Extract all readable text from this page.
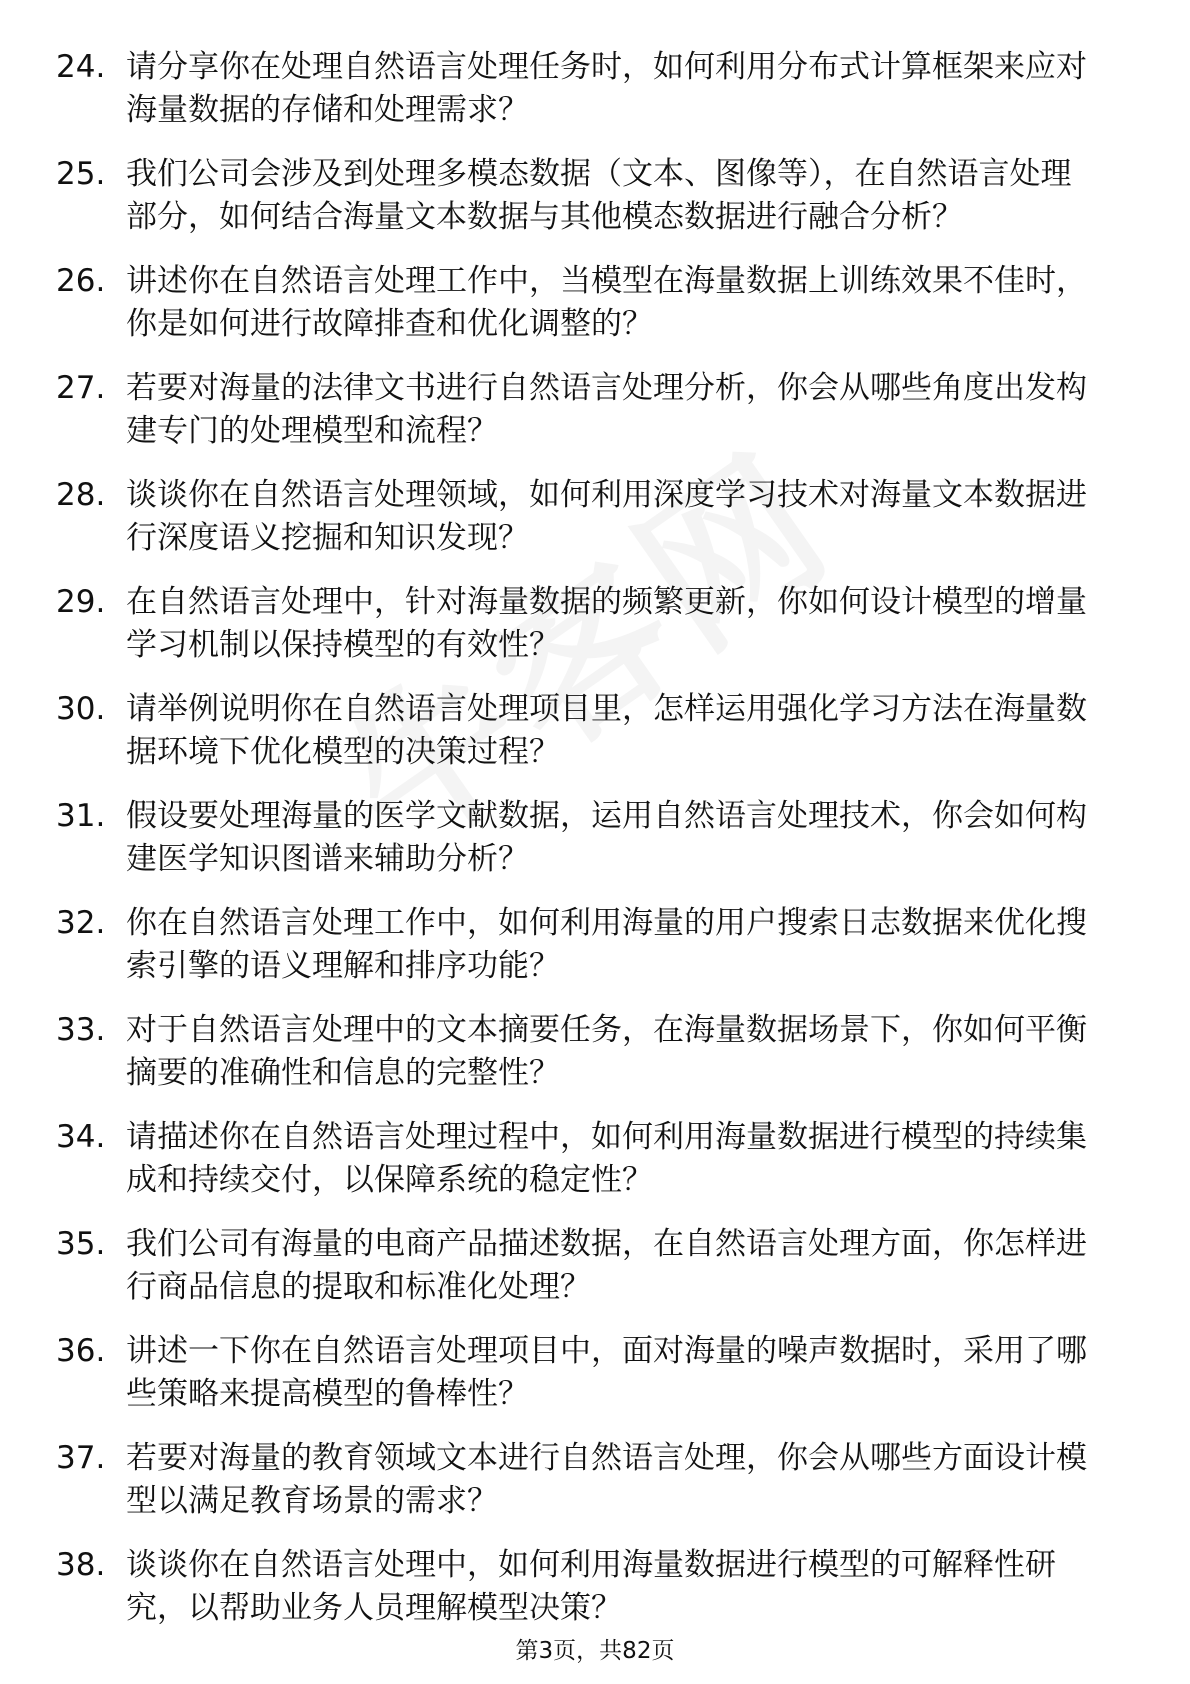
24. 请分享你在处理自然语言处理任务时，如何利用分布式计算框架来应对海量数据的存储和处理需求？
25. 我们公司会涉及到处理多模态数据（文本、图像等），在自然语言处理部分，如何结合海量文本数据与其他模态数据进行融合分析？
26. 讲述你在自然语言处理工作中，当模型在海量数据上训练效果不佳时，你是如何进行故障排查和优化调整的？
27. 若要对海量的法律文书进行自然语言处理分析，你会从哪些角度出发构建专门的处理模型和流程？
28. 谈谈你在自然语言处理领域，如何利用深度学习技术对海量文本数据进行深度语义挖掘和知识发现？
29. 在自然语言处理中，针对海量数据的频繁更新，你如何设计模型的增量学习机制以保持模型的有效性？
30. 请举例说明你在自然语言处理项目里，怎样运用强化学习方法在海量数据环境下优化模型的决策过程？
31. 假设要处理海量的医学文献数据，运用自然语言处理技术，你会如何构建医学知识图谱来辅助分析？
32. 你在自然语言处理工作中，如何利用海量的用户搜索日志数据来优化搜索引擎的语义理解和排序功能？
33. 对于自然语言处理中的文本摘要任务，在海量数据场景下，你如何平衡摘要的准确性和信息的完整性？
34. 请描述你在自然语言处理过程中，如何利用海量数据进行模型的持续集成和持续交付，以保障系统的稳定性？
35. 我们公司有海量的电商产品描述数据，在自然语言处理方面，你怎样进行商品信息的提取和标准化处理？
36. 讲述一下你在自然语言处理项目中，面对海量的噪声数据时，采用了哪些策略来提高模型的鲁棒性？
37. 若要对海量的教育领域文本进行自然语言处理，你会从哪些方面设计模型以满足教育场景的需求？
38. 谈谈你在自然语言处理中，如何利用海量数据进行模型的可解释性研究，以帮助业务人员理解模型决策？
第3页，共82页
